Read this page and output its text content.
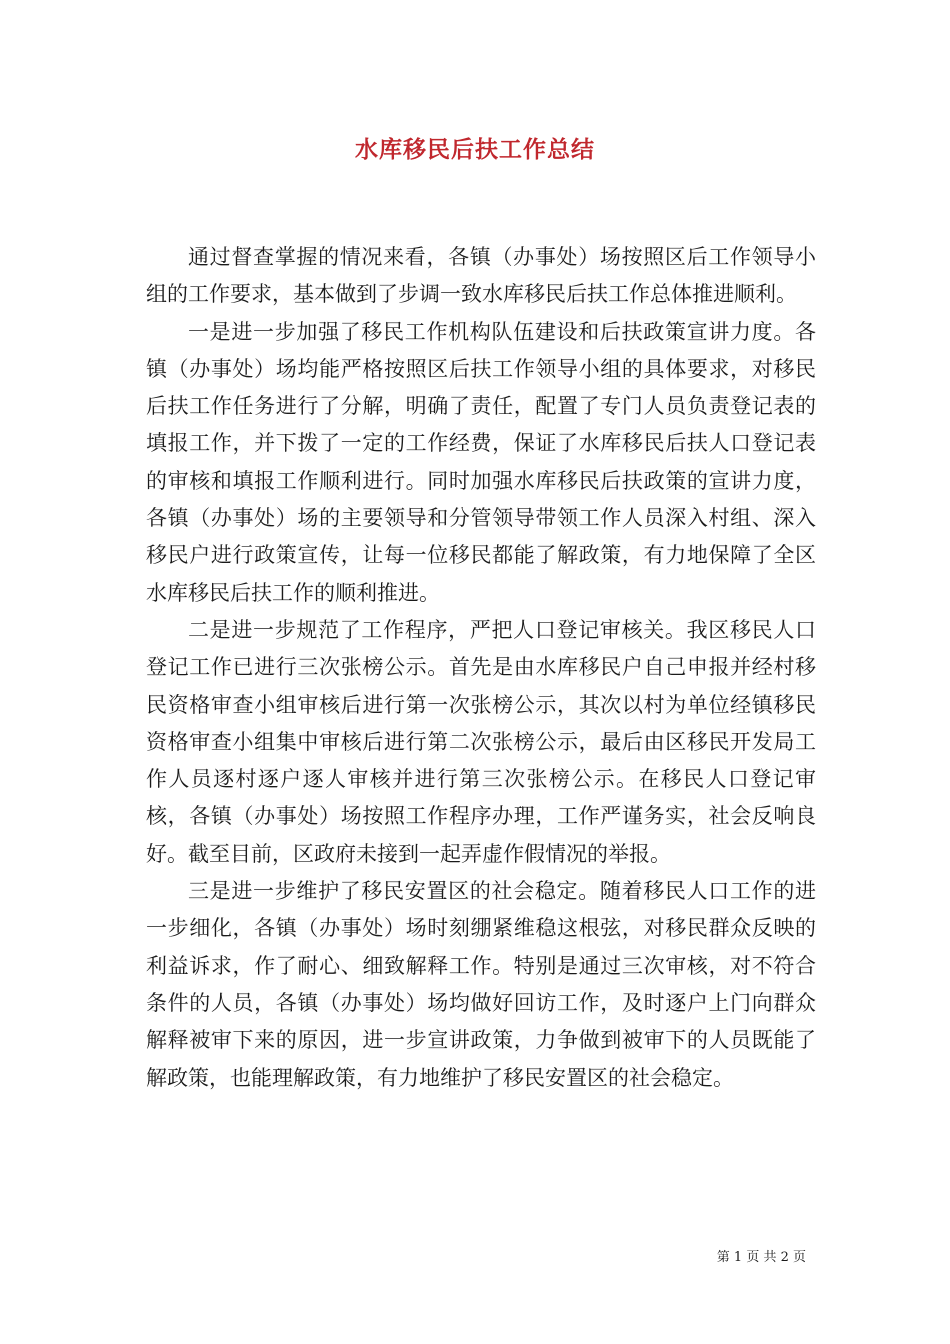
水库移民后扶工作总结

通过督查掌握的情况来看，各镇（办事处）场按照区后工作领导小组的工作要求，基本做到了步调一致水库移民后扶工作总体推进顺利。

一是进一步加强了移民工作机构队伍建设和后扶政策宣讲力度。各镇（办事处）场均能严格按照区后扶工作领导小组的具体要求，对移民后扶工作任务进行了分解，明确了责任，配置了专门人员负责登记表的填报工作，并下拨了一定的工作经费，保证了水库移民后扶人口登记表的审核和填报工作顺利进行。同时加强水库移民后扶政策的宣讲力度，各镇（办事处）场的主要领导和分管领导带领工作人员深入村组、深入移民户进行政策宣传，让每一位移民都能了解政策，有力地保障了全区水库移民后扶工作的顺利推进。

二是进一步规范了工作程序，严把人口登记审核关。我区移民人口登记工作已进行三次张榜公示。首先是由水库移民户自己申报并经村移民资格审查小组审核后进行第一次张榜公示，其次以村为单位经镇移民资格审查小组集中审核后进行第二次张榜公示，最后由区移民开发局工作人员逐村逐户逐人审核并进行第三次张榜公示。在移民人口登记审核，各镇（办事处）场按照工作程序办理，工作严谨务实，社会反响良好。截至目前，区政府未接到一起弄虚作假情况的举报。

三是进一步维护了移民安置区的社会稳定。随着移民人口工作的进一步细化，各镇（办事处）场时刻绷紧维稳这根弦，对移民群众反映的利益诉求，作了耐心、细致解释工作。特别是通过三次审核，对不符合条件的人员，各镇（办事处）场均做好回访工作，及时逐户上门向群众解释被审下来的原因，进一步宣讲政策，力争做到被审下的人员既能了解政策，也能理解政策，有力地维护了移民安置区的社会稳定。

第 1 页 共 2 页
